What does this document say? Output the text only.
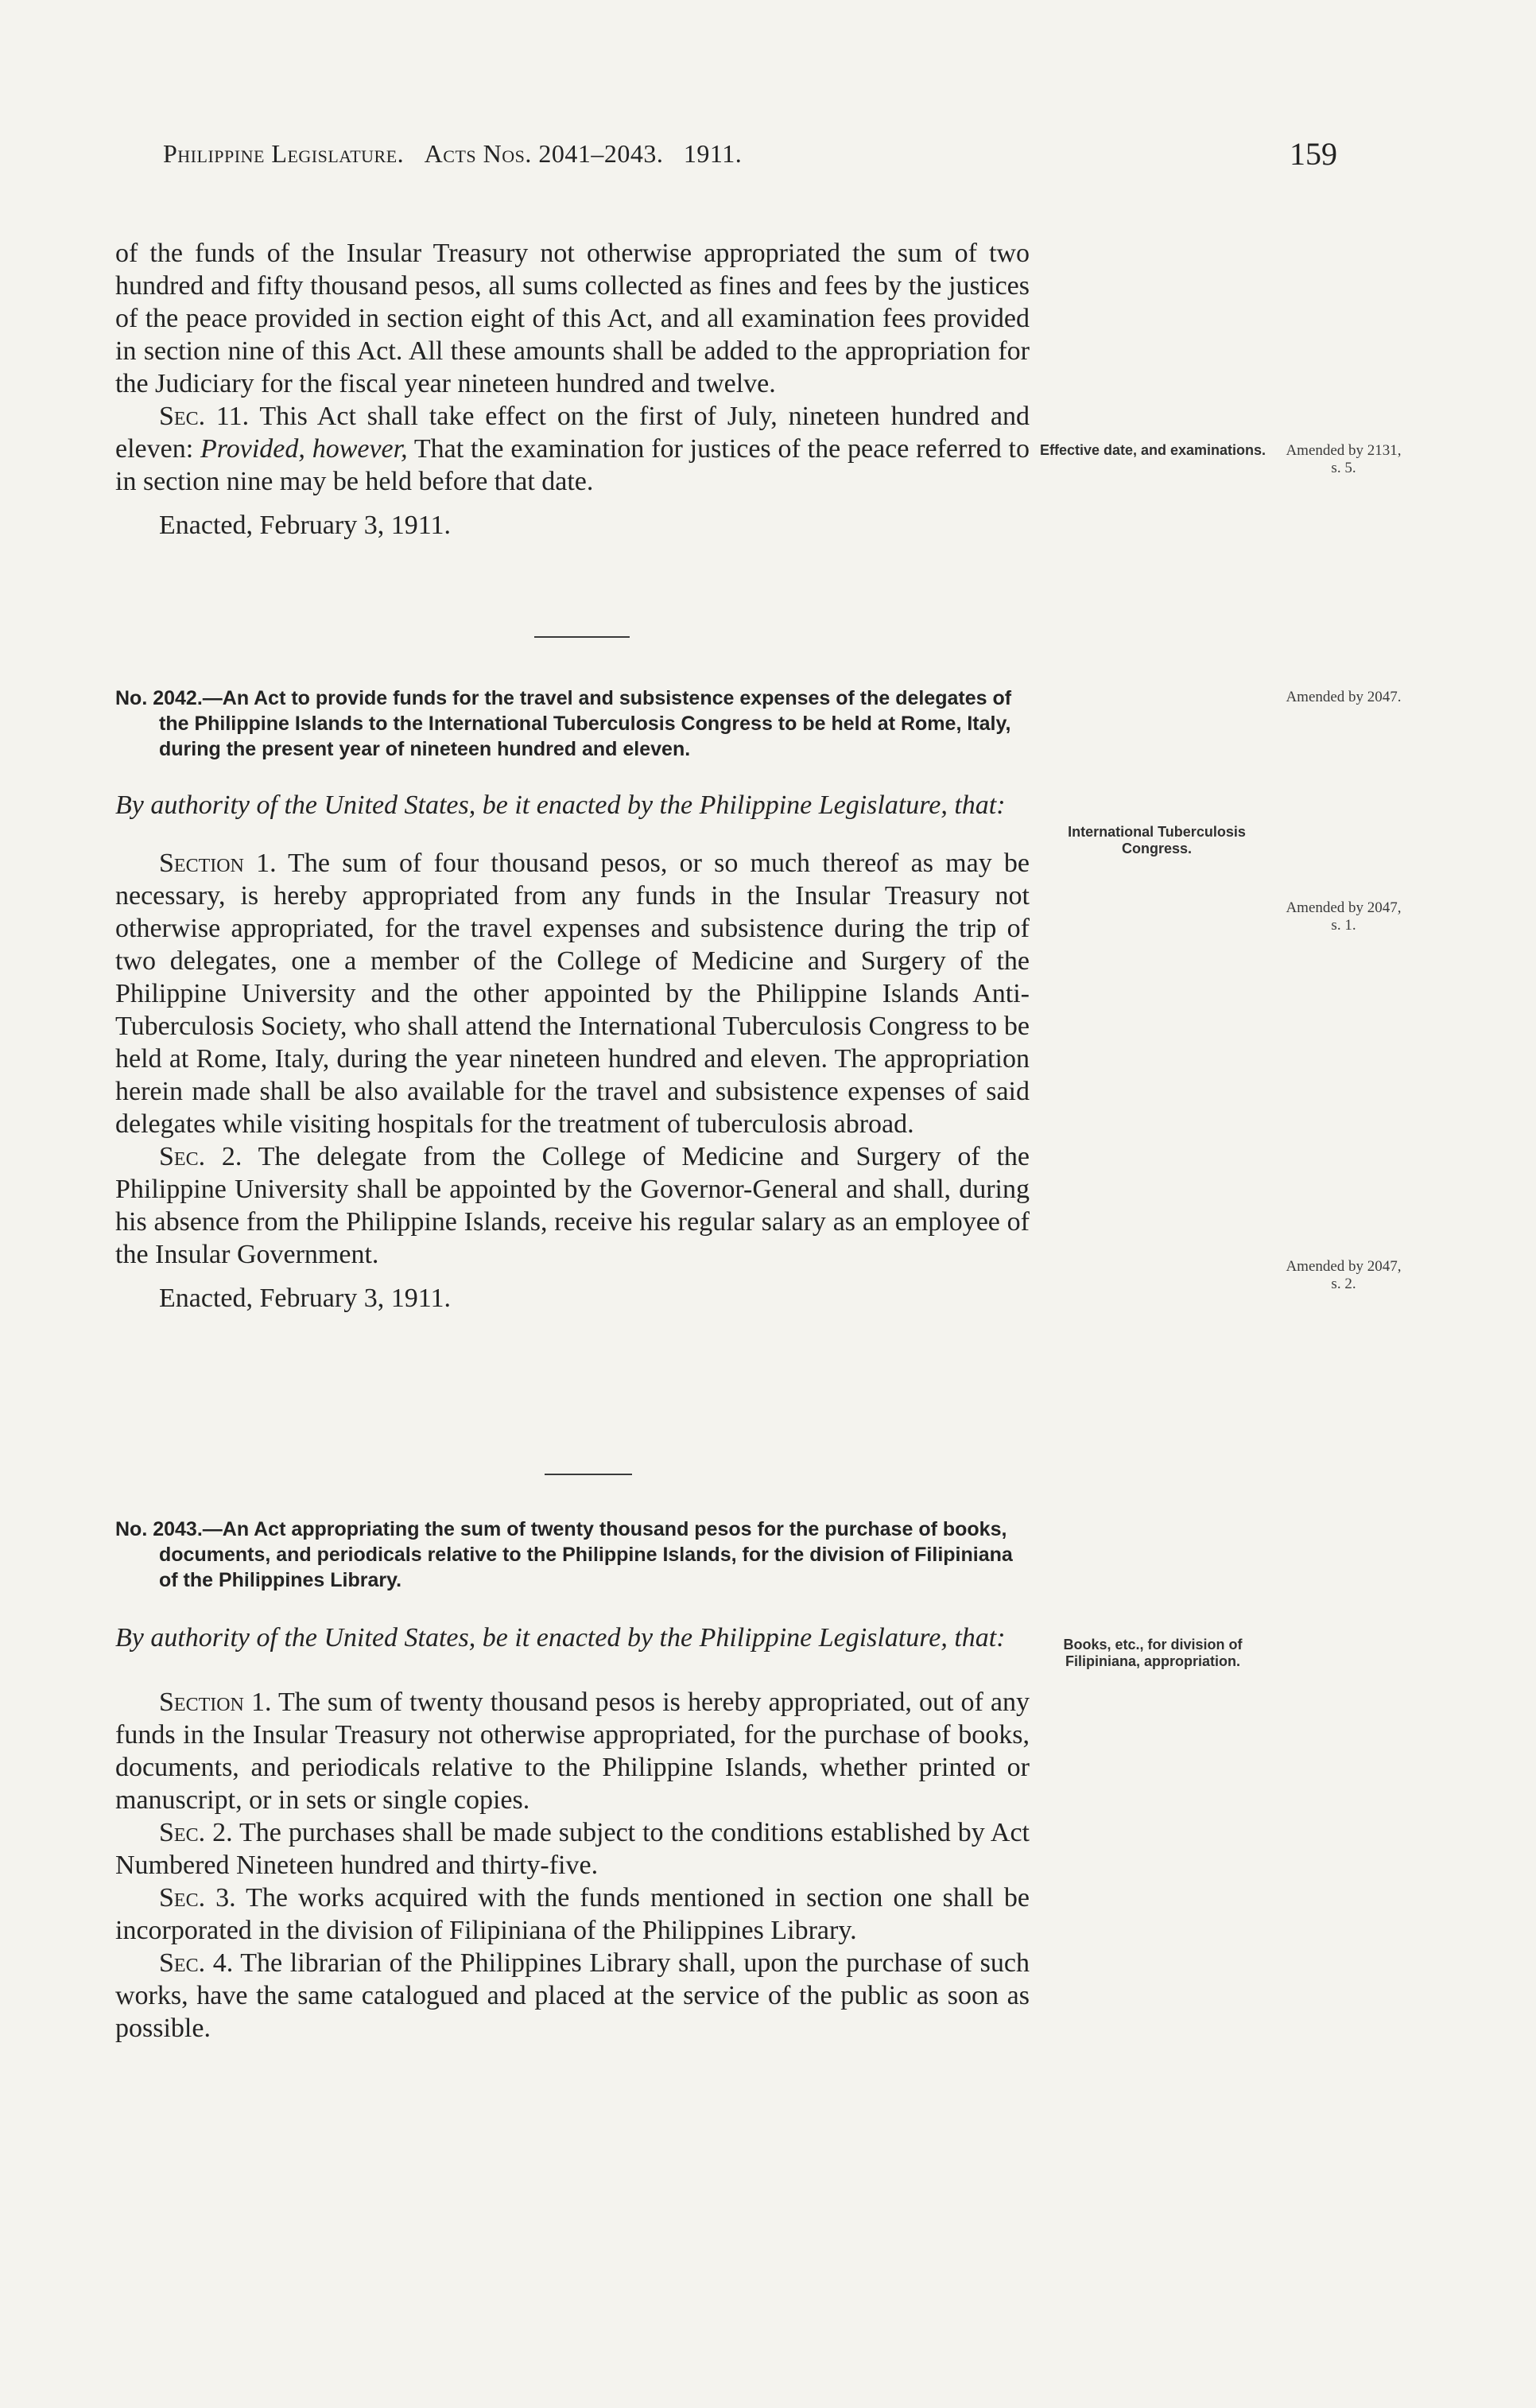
Philippine Legislature. Acts Nos. 2041–2043. 1911.	159

of the funds of the Insular Treasury not otherwise appropriated the sum of two hundred and fifty thousand pesos, all sums collected as fines and fees by the justices of the peace provided in section eight of this Act, and all examination fees provided in section nine of this Act. All these amounts shall be added to the appropriation for the Judiciary for the fiscal year nineteen hundred and twelve.

Sec. 11. This Act shall take effect on the first of July, nineteen hundred and eleven: Provided, however, That the examination for justices of the peace referred to in section nine may be held before that date.

Enacted, February 3, 1911.

No. 2042.—An Act to provide funds for the travel and subsistence expenses of the delegates of the Philippine Islands to the International Tuberculosis Congress to be held at Rome, Italy, during the present year of nineteen hundred and eleven.

By authority of the United States, be it enacted by the Philippine Legislature, that:

Section 1. The sum of four thousand pesos, or so much thereof as may be necessary, is hereby appropriated from any funds in the Insular Treasury not otherwise appropriated, for the travel expenses and subsistence during the trip of two delegates, one a member of the College of Medicine and Surgery of the Philippine University and the other appointed by the Philippine Islands Anti-Tuberculosis Society, who shall attend the International Tuberculosis Congress to be held at Rome, Italy, during the year nineteen hundred and eleven. The appropriation herein made shall be also available for the travel and subsistence expenses of said delegates while visiting hospitals for the treatment of tuberculosis abroad.

Sec. 2. The delegate from the College of Medicine and Surgery of the Philippine University shall be appointed by the Governor-General and shall, during his absence from the Philippine Islands, receive his regular salary as an employee of the Insular Government.

Enacted, February 3, 1911.

No. 2043.—An Act appropriating the sum of twenty thousand pesos for the purchase of books, documents, and periodicals relative to the Philippine Islands, for the division of Filipiniana of the Philippines Library.

By authority of the United States, be it enacted by the Philippine Legislature, that:

Section 1. The sum of twenty thousand pesos is hereby appropriated, out of any funds in the Insular Treasury not otherwise appropriated, for the purchase of books, documents, and periodicals relative to the Philippine Islands, whether printed or manuscript, or in sets or single copies.

Sec. 2. The purchases shall be made subject to the conditions established by Act Numbered Nineteen hundred and thirty-five.

Sec. 3. The works acquired with the funds mentioned in section one shall be incorporated in the division of Filipiniana of the Philippines Library.

Sec. 4. The librarian of the Philippines Library shall, upon the purchase of such works, have the same catalogued and placed at the service of the public as soon as possible.

Effective date, and examinations.
International Tuberculosis Congress.
Books, etc., for division of Filipiniana, appropriation.
Amended by 2131, s. 5.
Amended by 2047.
Amended by 2047, s. 1.
Amended by 2047, s. 2.
